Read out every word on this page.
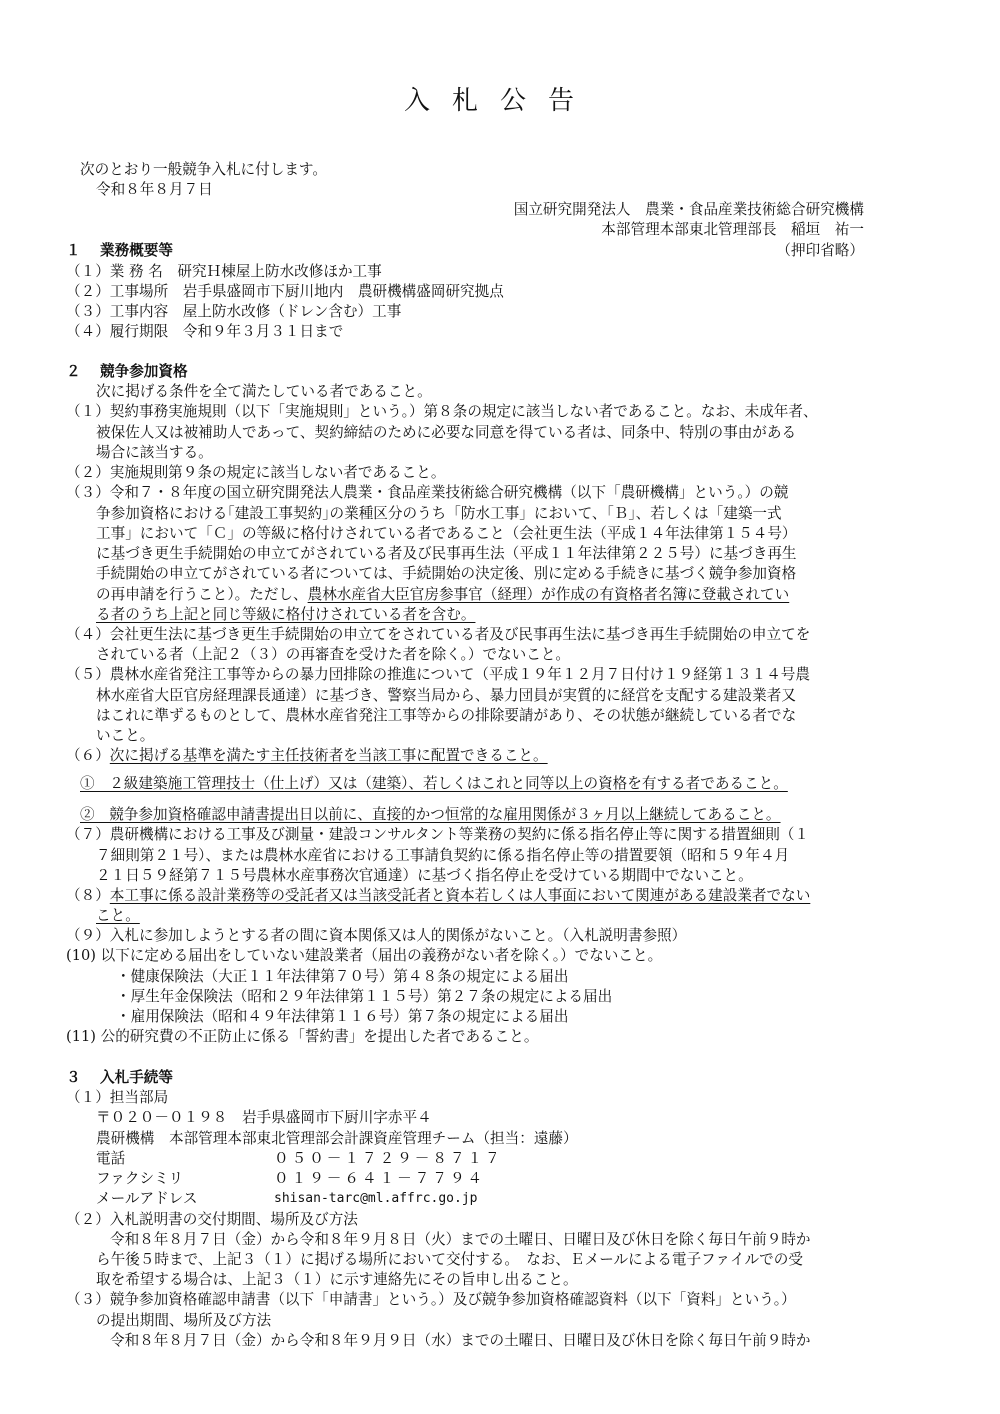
入札公告
次のとおり一般競争入札に付します。
令和８年８月７日
国立研究開発法人　農業・食品産業技術総合研究機構
本部管理本部東北管理部長　稲垣　祐一
（押印省略）
１ 業務概要等
（１）業 務 名　研究Ｈ棟屋上防水改修ほか工事
（２）工事場所　岩手県盛岡市下厨川地内　農研機構盛岡研究拠点
（３）工事内容　屋上防水改修（ドレン含む）工事
（４）履行期限　令和９年３月３１日まで
２ 競争参加資格
次に掲げる条件を全て満たしている者であること。
（１）契約事務実施規則（以下「実施規則」という。）第８条の規定に該当しない者であること。なお、未成年者、
被保佐人又は被補助人であって、契約締結のために必要な同意を得ている者は、同条中、特別の事由がある
場合に該当する。
（２）実施規則第９条の規定に該当しない者であること。
（３）令和７・８年度の国立研究開発法人農業・食品産業技術総合研究機構（以下「農研機構」という。）の競
争参加資格における｢建設工事契約｣の業種区分のうち「防水工事」において、「Ｂ」、若しくは「建築一式
工事」において「Ｃ」の等級に格付けされている者であること（会社更生法（平成１４年法律第１５４号）
に基づき更生手続開始の申立てがされている者及び民事再生法（平成１１年法律第２２５号）に基づき再生
手続開始の申立てがされている者については、手続開始の決定後、別に定める手続きに基づく競争参加資格
の再申請を行うこと）。ただし、農林水産省大臣官房参事官（経理）が作成の有資格者名簿に登載されてい
る者のうち上記と同じ等級に格付けされている者を含む。
（４）会社更生法に基づき更生手続開始の申立てをされている者及び民事再生法に基づき再生手続開始の申立てを
されている者（上記２（３）の再審査を受けた者を除く。）でないこと。
（５）農林水産省発注工事等からの暴力団排除の推進について（平成１９年１２月７日付け１９経第１３１４号農
林水産省大臣官房経理課長通達）に基づき、警察当局から、暴力団員が実質的に経営を支配する建設業者又
はこれに準ずるものとして、農林水産省発注工事等からの排除要請があり、その状態が継続している者でな
いこと。
（６）次に掲げる基準を満たす主任技術者を当該工事に配置できること。
①　２級建築施工管理技士（仕上げ）又は（建築）、若しくはこれと同等以上の資格を有する者であること。
②　競争参加資格確認申請書提出日以前に、直接的かつ恒常的な雇用関係が３ヶ月以上継続してあること。
（７）農研機構における工事及び測量・建設コンサルタント等業務の契約に係る指名停止等に関する措置細則（１
７細則第２１号）、または農林水産省における工事請負契約に係る指名停止等の措置要領（昭和５９年４月
２１日５９経第７１５号農林水産事務次官通達）に基づく指名停止を受けている期間中でないこと。
（８）本工事に係る設計業務等の受託者又は当該受託者と資本若しくは人事面において関連がある建設業者でない
こと。
（９）入札に参加しようとする者の間に資本関係又は人的関係がないこと。（入札説明書参照）
(10) 以下に定める届出をしていない建設業者（届出の義務がない者を除く。）でないこと。
・健康保険法（大正１１年法律第７０号）第４８条の規定による届出
・厚生年金保険法（昭和２９年法律第１１５号）第２７条の規定による届出
・雇用保険法（昭和４９年法律第１１６号）第７条の規定による届出
(11) 公的研究費の不正防止に係る「誓約書」を提出した者であること。
３ 入札手続等
（１）担当部局
〒０２０－０１９８　岩手県盛岡市下厨川字赤平４
農研機構　本部管理本部東北管理部会計課資産管理チーム（担当：遠藤）
電話	０５０－１７２９－８７１７
ファクシミリ	０１９－６４１－７７９４
メールアドレス	shisan-tarc@ml.affrc.go.jp
（２）入札説明書の交付期間、場所及び方法
令和８年８月７日（金）から令和８年９月８日（火）までの土曜日、日曜日及び休日を除く毎日午前９時か
ら午後５時まで、上記３（１）に掲げる場所において交付する。　なお、Ｅメールによる電子ファイルでの受
取を希望する場合は、上記３（１）に示す連絡先にその旨申し出ること。
（３）競争参加資格確認申請書（以下「申請書」という。）及び競争参加資格確認資料（以下「資料」という。）
の提出期間、場所及び方法
令和８年８月７日（金）から令和８年９月９日（水）までの土曜日、日曜日及び休日を除く毎日午前９時か
